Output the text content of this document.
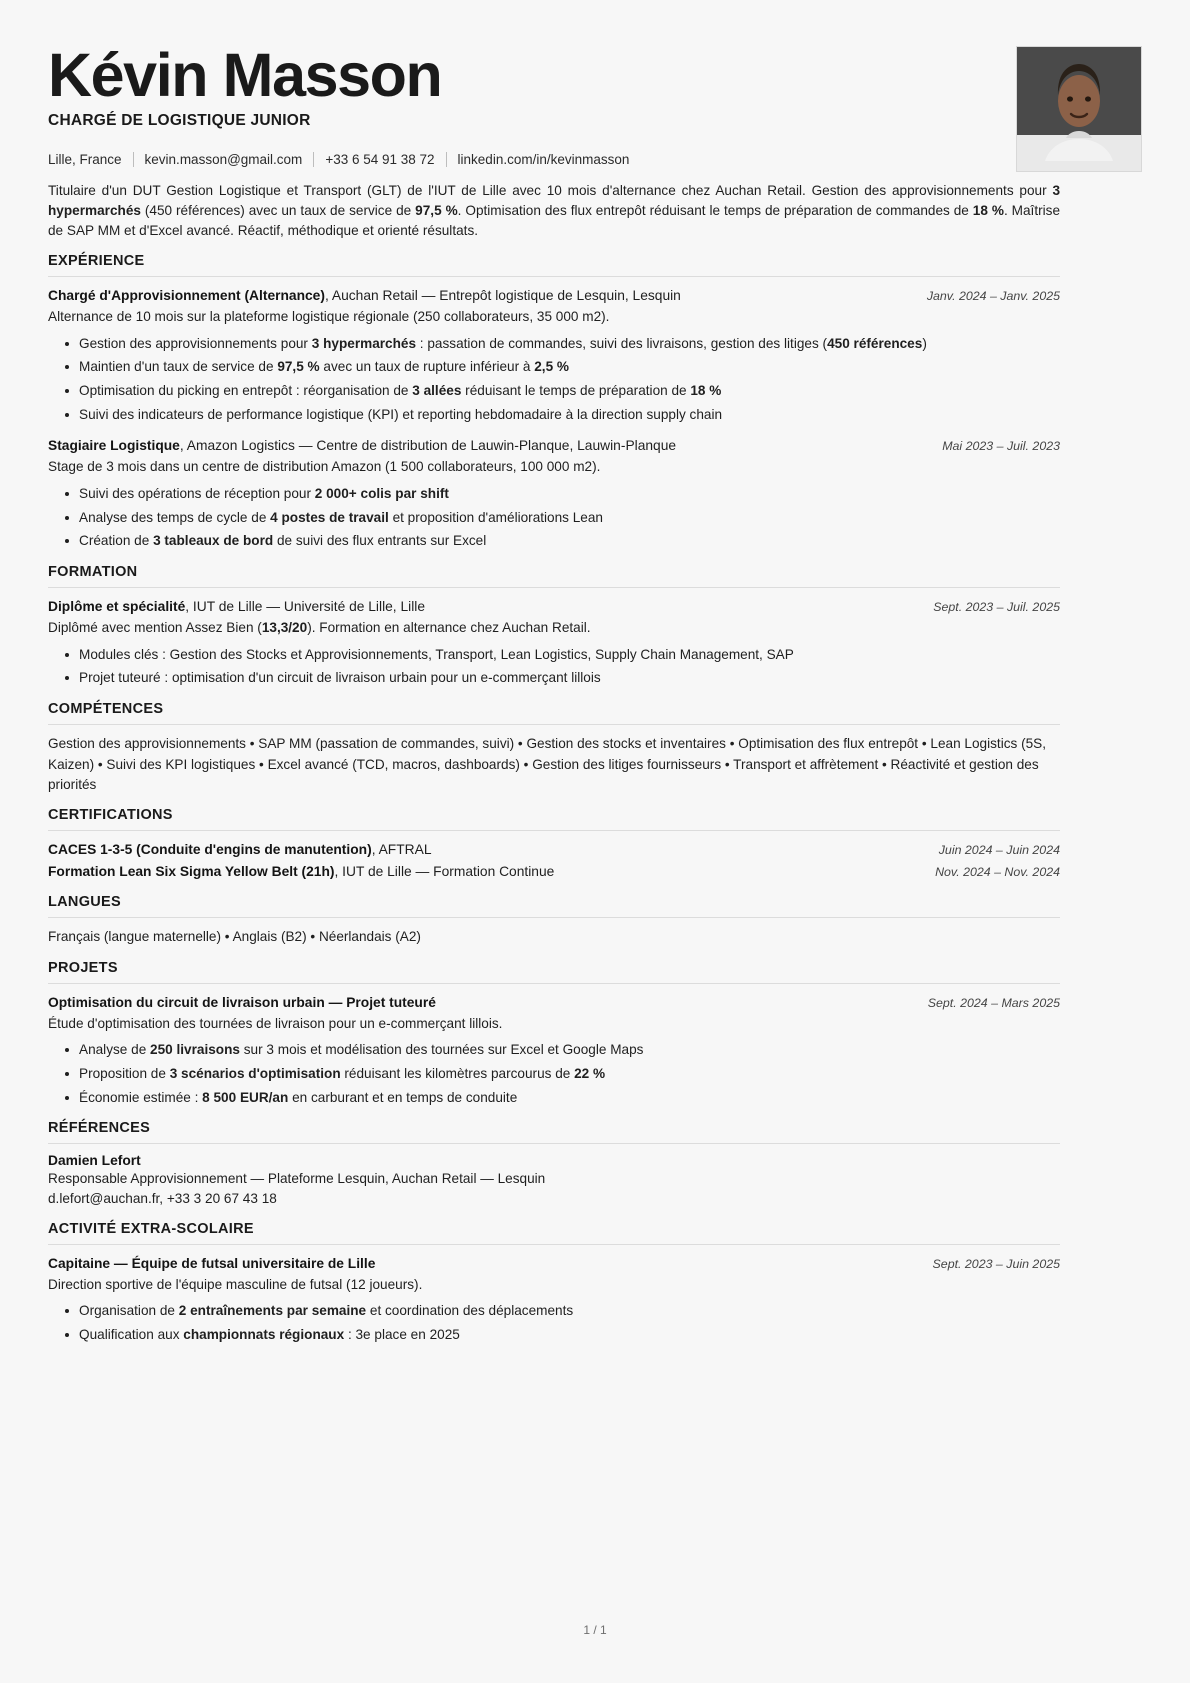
Kévin Masson
CHARGÉ DE LOGISTIQUE JUNIOR
Lille, France kevin.masson@gmail.com +33 6 54 91 38 72 linkedin.com/in/kevinmasson

Titulaire d'un DUT Gestion Logistique et Transport (GLT) de l'IUT de Lille avec 10 mois d'alternance chez Auchan Retail. Gestion des approvisionnements pour 3 hypermarchés (450 références) avec un taux de service de 97,5 %. Optimisation des flux entrepôt réduisant le temps de préparation de commandes de 18 %. Maîtrise de SAP MM et d'Excel avancé. Réactif, méthodique et orienté résultats.

EXPÉRIENCE
Chargé d'Approvisionnement (Alternance), Auchan Retail — Entrepôt logistique de Lesquin, Lesquin	Janv. 2024 – Janv. 2025
Alternance de 10 mois sur la plateforme logistique régionale (250 collaborateurs, 35 000 m2).
Gestion des approvisionnements pour 3 hypermarchés : passation de commandes, suivi des livraisons, gestion des litiges (450 références)
Maintien d'un taux de service de 97,5 % avec un taux de rupture inférieur à 2,5 %
Optimisation du picking en entrepôt : réorganisation de 3 allées réduisant le temps de préparation de 18 %
Suivi des indicateurs de performance logistique (KPI) et reporting hebdomadaire à la direction supply chain
Stagiaire Logistique, Amazon Logistics — Centre de distribution de Lauwin-Planque, Lauwin-Planque	Mai 2023 – Juil. 2023
Stage de 3 mois dans un centre de distribution Amazon (1 500 collaborateurs, 100 000 m2).
Suivi des opérations de réception pour 2 000+ colis par shift
Analyse des temps de cycle de 4 postes de travail et proposition d'améliorations Lean
Création de 3 tableaux de bord de suivi des flux entrants sur Excel
FORMATION
Diplôme et spécialité, IUT de Lille — Université de Lille, Lille	Sept. 2023 – Juil. 2025
Diplômé avec mention Assez Bien (13,3/20). Formation en alternance chez Auchan Retail.
Modules clés : Gestion des Stocks et Approvisionnements, Transport, Lean Logistics, Supply Chain Management, SAP
Projet tuteuré : optimisation d'un circuit de livraison urbain pour un e-commerçant lillois
COMPÉTENCES
Gestion des approvisionnements • SAP MM (passation de commandes, suivi) • Gestion des stocks et inventaires • Optimisation des flux entrepôt • Lean Logistics (5S, Kaizen) • Suivi des KPI logistiques • Excel avancé (TCD, macros, dashboards) • Gestion des litiges fournisseurs • Transport et affrètement • Réactivité et gestion des priorités
CERTIFICATIONS
CACES 1-3-5 (Conduite d'engins de manutention), AFTRAL	Juin 2024 – Juin 2024
Formation Lean Six Sigma Yellow Belt (21h), IUT de Lille — Formation Continue	Nov. 2024 – Nov. 2024
LANGUES
Français (langue maternelle) • Anglais (B2) • Néerlandais (A2)
PROJETS
Optimisation du circuit de livraison urbain — Projet tuteuré	Sept. 2024 – Mars 2025
Étude d'optimisation des tournées de livraison pour un e-commerçant lillois.
Analyse de 250 livraisons sur 3 mois et modélisation des tournées sur Excel et Google Maps
Proposition de 3 scénarios d'optimisation réduisant les kilomètres parcourus de 22 %
Économie estimée : 8 500 EUR/an en carburant et en temps de conduite
RÉFÉRENCES
Damien Lefort
Responsable Approvisionnement — Plateforme Lesquin, Auchan Retail — Lesquin
d.lefort@auchan.fr, +33 3 20 67 43 18
ACTIVITÉ EXTRA-SCOLAIRE
Capitaine — Équipe de futsal universitaire de Lille	Sept. 2023 – Juin 2025
Direction sportive de l'équipe masculine de futsal (12 joueurs).
Organisation de 2 entraînements par semaine et coordination des déplacements
Qualification aux championnats régionaux : 3e place en 2025
1 / 1
